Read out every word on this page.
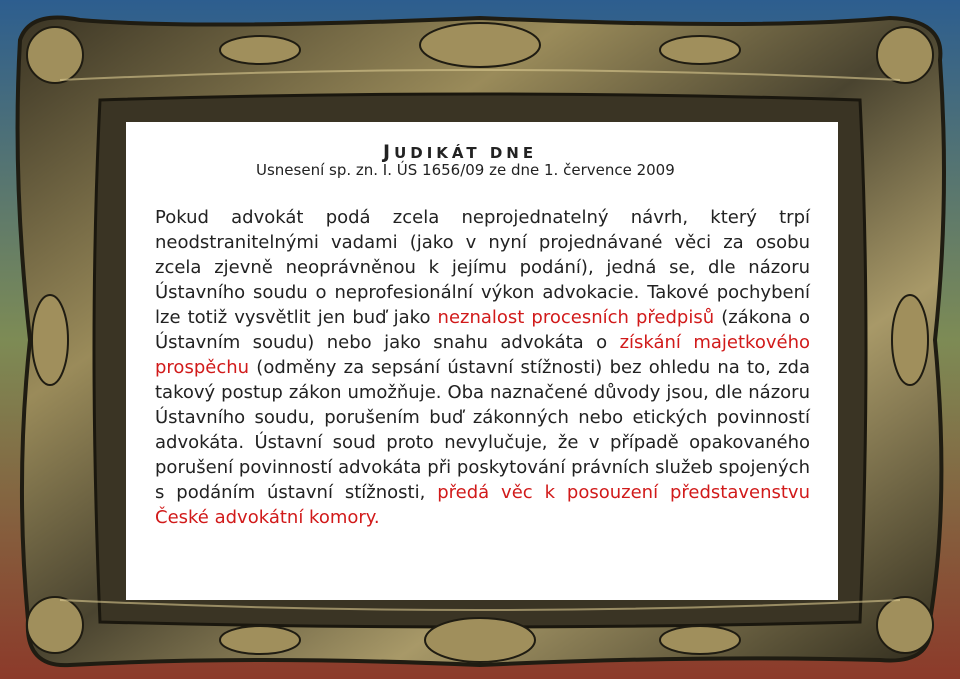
JUDIKÁT DNE
Usnesení sp. zn. I. ÚS 1656/09 ze dne 1. července 2009

Pokud advokát podá zcela neprojednatelný návrh, který trpí neodstranitelnými vadami (jako v nyní projednávané věci za osobu zcela zjevně neoprávněnou k jejímu podání), jedná se, dle názoru Ústavního soudu o neprofesionální výkon advokacie. Takové pochybení lze totiž vysvětlit jen buď jako neznalost procesních předpisů (zákona o Ústavním soudu) nebo jako snahu advokáta o získání majetkového prospěchu (odměny za sepsání ústavní stížnosti) bez ohledu na to, zda takový postup zákon umožňuje. Oba naznačené důvody jsou, dle názoru Ústavního soudu, porušením buď zákonných nebo etických povinností advokáta. Ústavní soud proto nevylučuje, že v případě opakovaného porušení povinností advokáta při poskytování právních služeb spojených s podáním ústavní stížnosti, předá věc k posouzení představenstvu České advokátní komory.
